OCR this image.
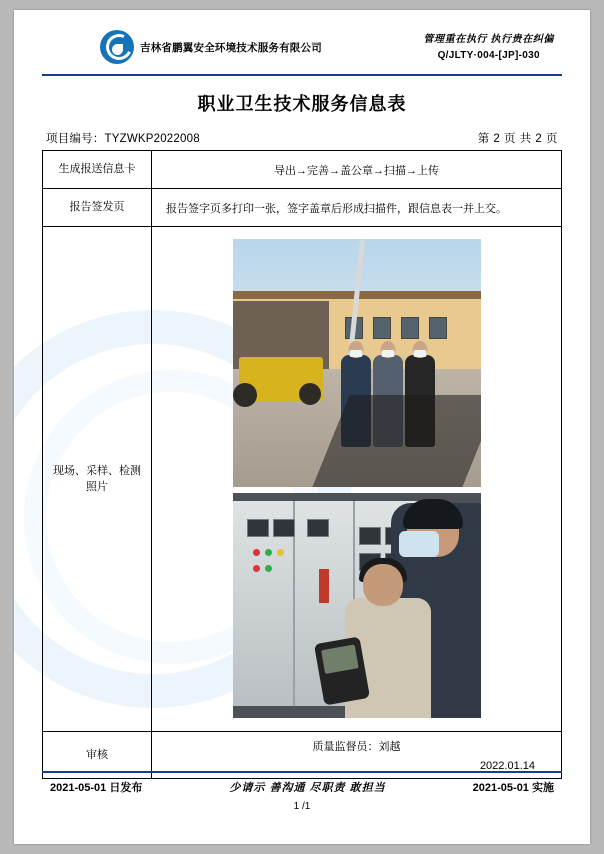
吉林省鹏翼安全环境技术服务有限公司
管理重在执行 执行贵在纠偏
Q/JLTY·004-[JP]-030
职业卫生技术服务信息表
项目编号：TYZWKP2022008	第 2 页 共 2 页
生成报送信息卡	导出→完善→盖公章→扫描→上传
报告签发页	报告签字页多打印一张，签字盖章后形成扫描件，跟信息表一并上交。
现场、采样、检测照片	

审核	质量监督员：刘越
2022.01.14
2021-05-01 日发布	少请示 善沟通 尽职责 敢担当	2021-05-01 实施
1 /1
